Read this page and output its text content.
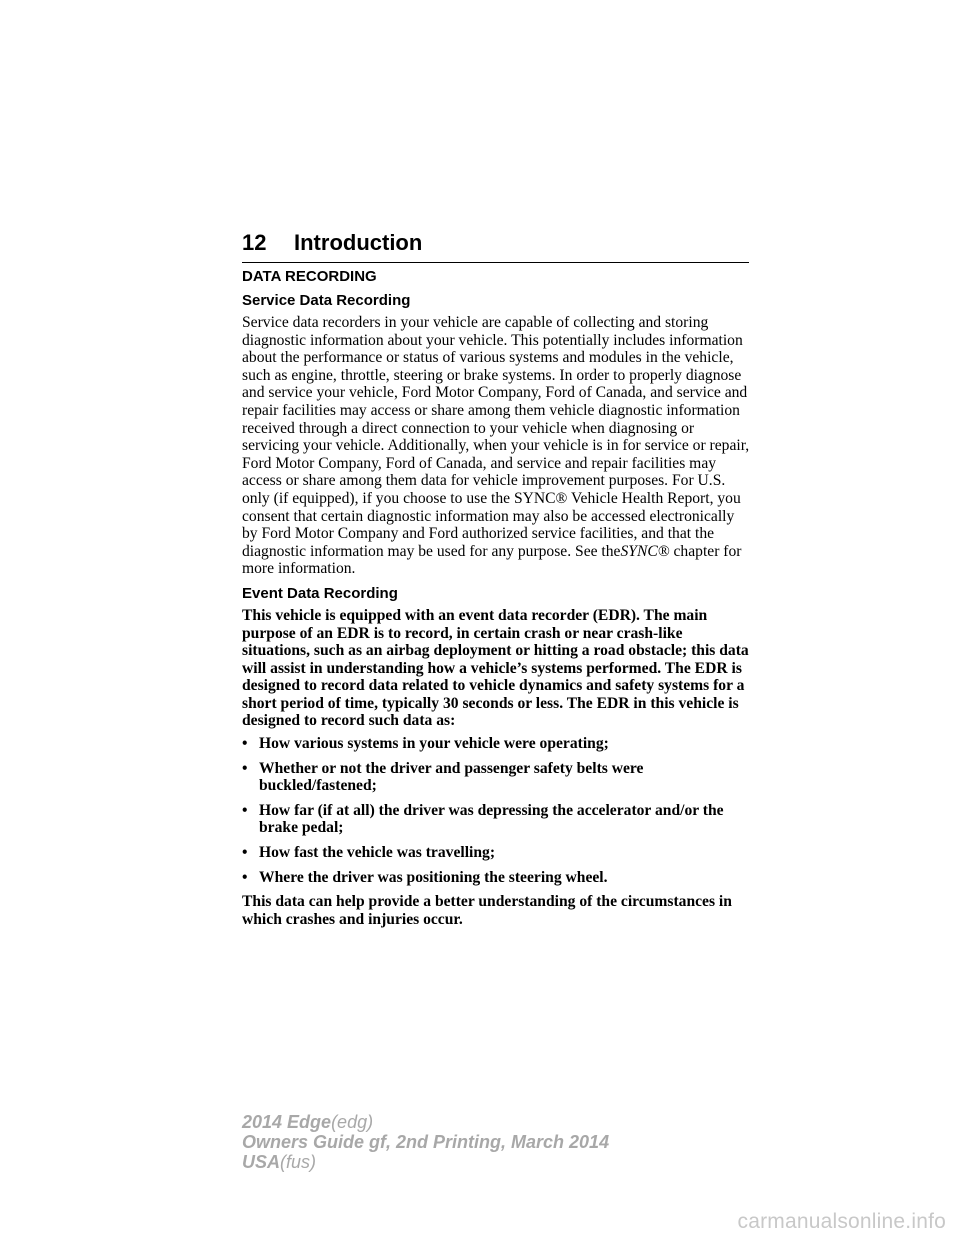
12 Introduction
DATA RECORDING
Service Data Recording

Service data recorders in your vehicle are capable of collecting and storing diagnostic information about your vehicle. This potentially includes information about the performance or status of various systems and modules in the vehicle, such as engine, throttle, steering or brake systems. In order to properly diagnose and service your vehicle, Ford Motor Company, Ford of Canada, and service and repair facilities may access or share among them vehicle diagnostic information received through a direct connection to your vehicle when diagnosing or servicing your vehicle. Additionally, when your vehicle is in for service or repair, Ford Motor Company, Ford of Canada, and service and repair facilities may access or share among them data for vehicle improvement purposes. For U.S. only (if equipped), if you choose to use the SYNC® Vehicle Health Report, you consent that certain diagnostic information may also be accessed electronically by Ford Motor Company and Ford authorized service facilities, and that the diagnostic information may be used for any purpose. See theSYNC® chapter for more information.

Event Data Recording

This vehicle is equipped with an event data recorder (EDR). The main purpose of an EDR is to record, in certain crash or near crash-like situations, such as an airbag deployment or hitting a road obstacle; this data will assist in understanding how a vehicle’s systems performed. The EDR is designed to record data related to vehicle dynamics and safety systems for a short period of time, typically 30 seconds or less. The EDR in this vehicle is designed to record such data as:

• How various systems in your vehicle were operating;
• Whether or not the driver and passenger safety belts were buckled/fastened;
• How far (if at all) the driver was depressing the accelerator and/or the brake pedal;
• How fast the vehicle was travelling;
• Where the driver was positioning the steering wheel.

This data can help provide a better understanding of the circumstances in which crashes and injuries occur.

2014 Edge(edg)
Owners Guide gf, 2nd Printing, March 2014
USA(fus)
carmanualsonline.info
